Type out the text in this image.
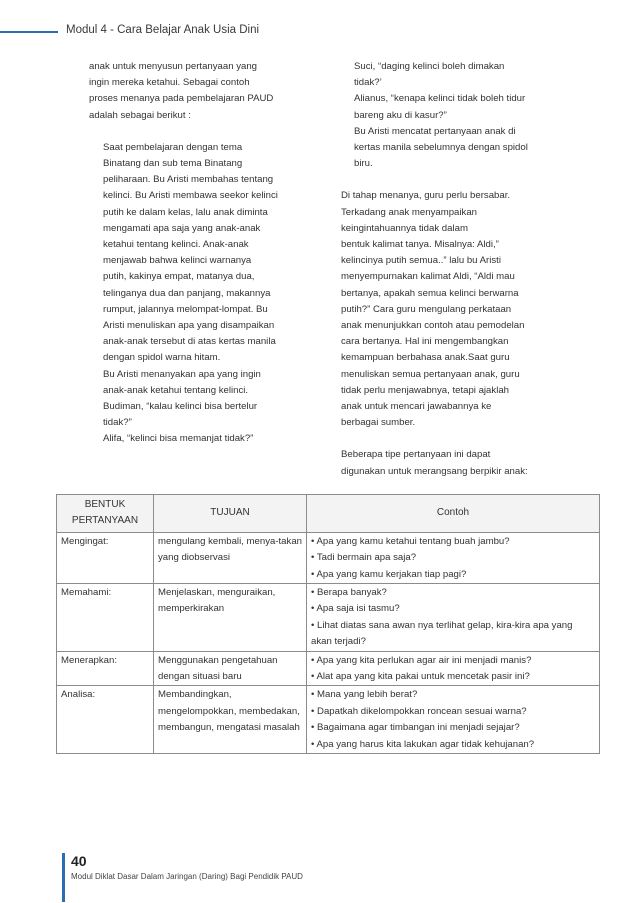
Modul 4 - Cara Belajar Anak Usia Dini

anak untuk menyusun pertanyaan yang

ingin mereka ketahui. Sebagai contoh

proses menanya pada pembelajaran PAUD

adalah sebagai berikut :

Saat pembelajaran dengan tema

Binatang dan sub tema Binatang

peliharaan. Bu Aristi membahas tentang

kelinci. Bu Aristi membawa seekor kelinci

putih ke dalam kelas, lalu anak diminta

mengamati apa saja yang anak-anak

ketahui tentang kelinci. Anak-anak

menjawab bahwa kelinci warnanya

putih, kakinya empat, matanya dua,

telinganya dua dan panjang, makannya

rumput, jalannya melompat-lompat. Bu

Aristi menuliskan apa yang disampaikan

anak-anak tersebut di atas kertas manila

dengan spidol warna hitam.

Bu Aristi menanyakan apa yang ingin

anak-anak ketahui tentang kelinci.

Budiman, “kalau kelinci bisa bertelur

tidak?”

Alifa, “kelinci bisa memanjat tidak?”

Suci, “daging kelinci boleh dimakan

tidak?’

Alianus, “kenapa kelinci tidak boleh tidur

bareng aku di kasur?”

Bu Aristi mencatat pertanyaan anak di

kertas manila sebelumnya dengan spidol

biru.

Di tahap menanya, guru perlu bersabar.

Terkadang anak menyampaikan

keingintahuannya tidak dalam

bentuk kalimat tanya. Misalnya: Aldi,”

kelincinya putih semua..” lalu bu Aristi

menyempurnakan kalimat Aldi, “Aldi mau

bertanya, apakah semua kelinci berwarna

putih?” Cara guru mengulang perkataan

anak menunjukkan contoh atau pemodelan

cara bertanya. Hal ini mengembangkan

kemampuan berbahasa anak.Saat guru

menuliskan semua pertanyaan anak, guru

tidak perlu menjawabnya, tetapi ajaklah

anak untuk mencari jawabannya ke

berbagai sumber.

Beberapa tipe pertanyaan ini dapat

digunakan untuk merangsang berpikir anak:

BENTUK PERTANYAAN	TUJUAN	Contoh
Mengingat:	mengulang kembali, menya-takan yang diobservasi	• Apa yang kamu ketahui tentang buah jambu?
• Tadi bermain apa saja?
• Apa yang kamu kerjakan tiap pagi?

Memahami:	Menjelaskan, menguraikan, memperkirakan	• Berapa banyak?
• Apa saja isi tasmu?
• Lihat diatas sana awan nya terlihat gelap, kira-kira apa yang akan terjadi?

Menerapkan:	Menggunakan pengetahuan dengan situasi baru	• Apa yang kita perlukan agar air ini menjadi manis?
• Alat apa yang kita pakai untuk mencetak pasir ini?

Analisa:	Membandingkan, mengelompokkan, membedakan, membangun, mengatasi masalah	• Mana yang lebih berat?
• Dapatkah dikelompokkan roncean sesuai warna?
• Bagaimana agar timbangan ini menjadi sejajar?
• Apa yang harus kita lakukan agar tidak kehujanan?
40
Modul Diklat Dasar Dalam Jaringan (Daring) Bagi Pendidik PAUD
